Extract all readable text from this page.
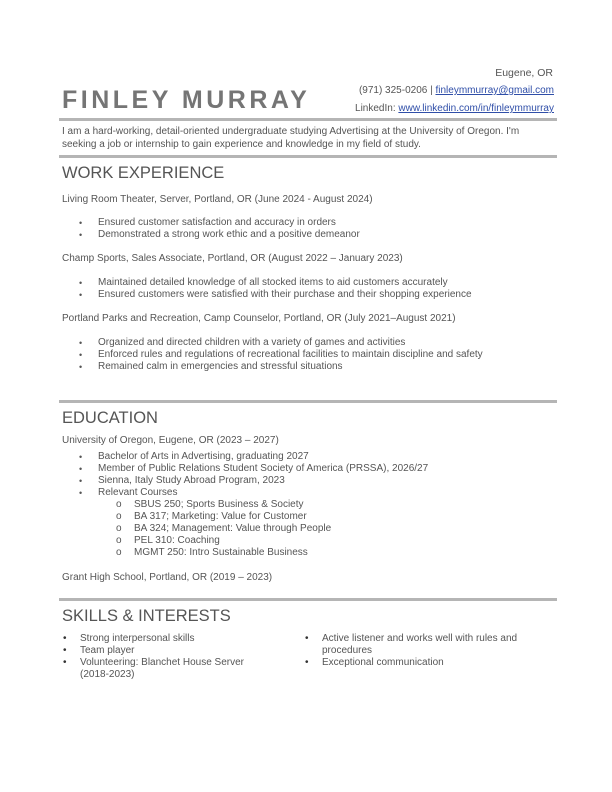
Eugene, OR
FINLEY MURRAY	(971) 325-0206 | finleymmurray@gmail.com
LinkedIn: www.linkedin.com/in/finleymmurray
I am a hard-working, detail-oriented undergraduate studying Advertising at the University of Oregon. I'm seeking a job or internship to gain experience and knowledge in my field of study.
WORK EXPERIENCE
Living Room Theater, Server, Portland, OR (June 2024 - August 2024)
• Ensured customer satisfaction and accuracy in orders
• Demonstrated a strong work ethic and a positive demeanor
Champ Sports, Sales Associate, Portland, OR (August 2022 – January 2023)
• Maintained detailed knowledge of all stocked items to aid customers accurately
• Ensured customers were satisfied with their purchase and their shopping experience
Portland Parks and Recreation, Camp Counselor, Portland, OR (July 2021–August 2021)
• Organized and directed children with a variety of games and activities
• Enforced rules and regulations of recreational facilities to maintain discipline and safety
• Remained calm in emergencies and stressful situations
EDUCATION
University of Oregon, Eugene, OR (2023 – 2027)
• Bachelor of Arts in Advertising, graduating 2027
• Member of Public Relations Student Society of America (PRSSA), 2026/27
• Sienna, Italy Study Abroad Program, 2023
• Relevant Courses
o SBUS 250; Sports Business & Society
o BA 317; Marketing: Value for Customer
o BA 324; Management: Value through People
o PEL 310: Coaching
o MGMT 250: Intro Sustainable Business
Grant High School, Portland, OR (2019 – 2023)
SKILLS & INTERESTS
• Strong interpersonal skills
• Team player
• Volunteering: Blanchet House Server (2018-2023)
• Active listener and works well with rules and procedures
• Exceptional communication
